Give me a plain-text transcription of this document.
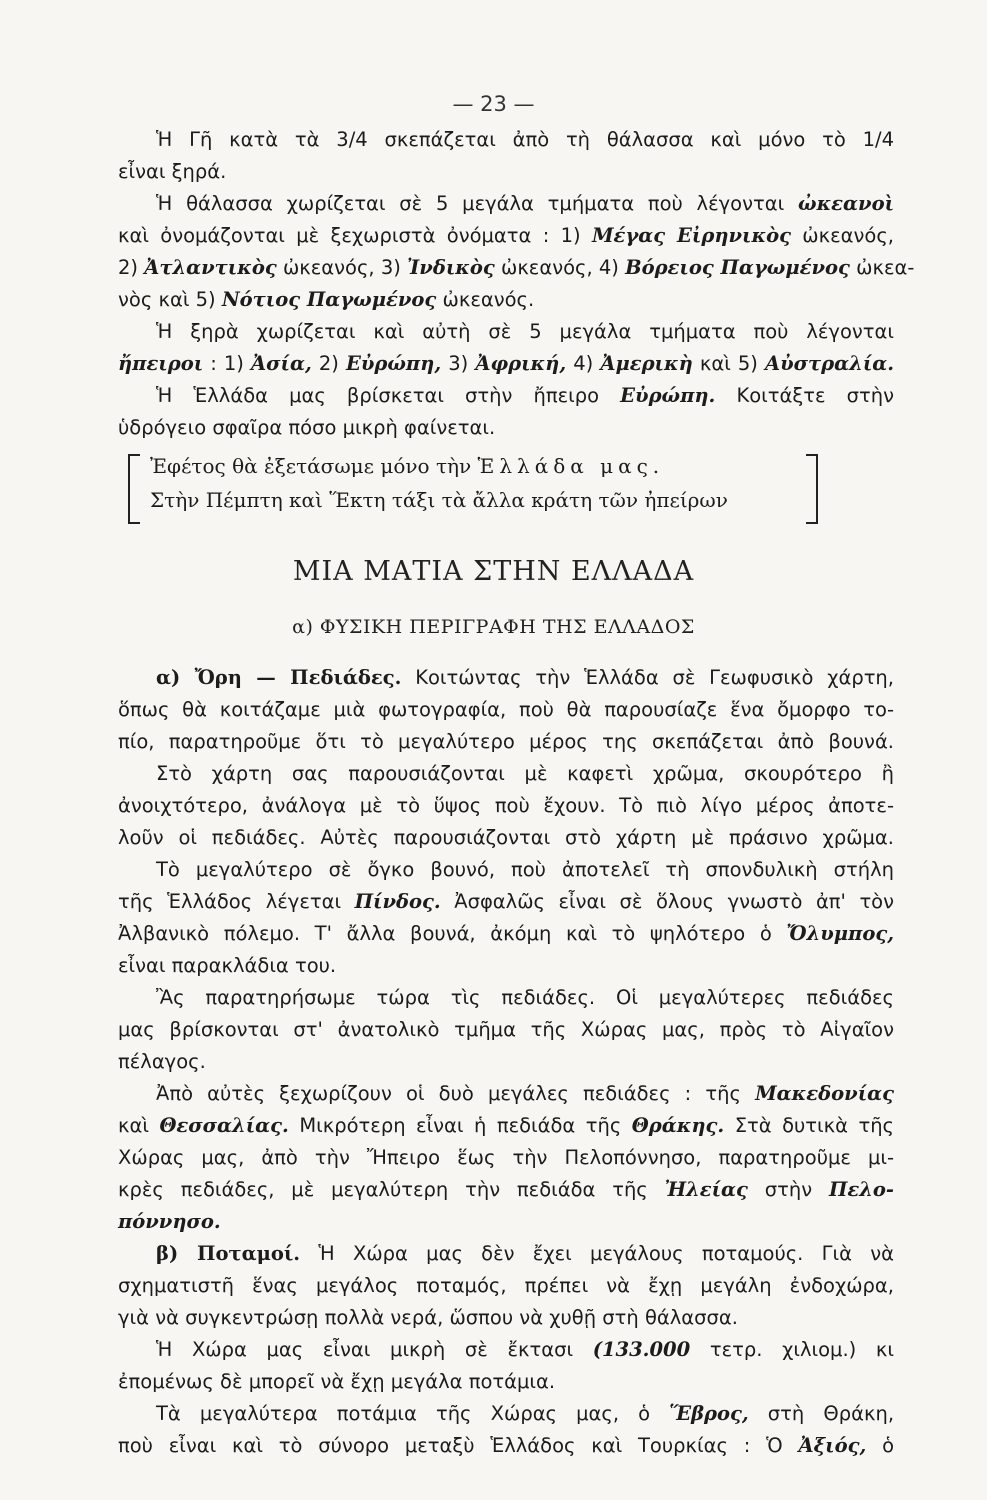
— 23 —
Ἡ Γῆ κατὰ τὰ 3/4 σκεπάζεται ἀπὸ τὴ θάλασσα καὶ μόνο τὸ 1/4
εἶναι ξηρά.
Ἡ θάλασσα χωρίζεται σὲ 5 μεγάλα τμήματα ποὺ λέγονται ὠκεανοὶ
καὶ ὀνομάζονται μὲ ξεχωριστὰ ὀνόματα : 1) Μέγας Εἰρηνικὸς ὠκεανός,
2) Ἀτλαντικὸς ὠκεανός, 3) Ἰνδικὸς ὠκεανός, 4) Βόρειος Παγωμένος ὠκεα-
νὸς καὶ 5) Νότιος Παγωμένος ὠκεανός.
Ἡ ξηρὰ χωρίζεται καὶ αὐτὴ σὲ 5 μεγάλα τμήματα ποὺ λέγονται
ἤπειροι : 1) Ἀσία, 2) Εὐρώπη, 3) Ἀφρική, 4) Ἀμερικὴ καὶ 5) Αὐστραλία.
Ἡ Ἑλλάδα μας βρίσκεται στὴν ἤπειρο Εὐρώπη. Κοιτάξτε στὴν
ὑδρόγειο σφαῖρα πόσο μικρὴ φαίνεται.
Ἐφέτος θὰ ἐξετάσωμε μόνο τὴν Ἑλλάδα μας.
Στὴν Πέμπτη καὶ Ἕκτη τάξι τὰ ἄλλα κράτη τῶν ἠπείρων
ΜΙΑ ΜΑΤΙΑ ΣΤΗΝ ΕΛΛΑΔΑ
α) ΦΥΣΙΚΗ ΠΕΡΙΓΡΑΦΗ ΤΗΣ ΕΛΛΑΔΟΣ
α) Ὄρη — Πεδιάδες. Κοιτώντας τὴν Ἑλλάδα σὲ Γεωφυσικὸ χάρτη,
ὅπως θὰ κοιτάζαμε μιὰ φωτογραφία, ποὺ θὰ παρουσίαζε ἕνα ὄμορφο το-
πίο, παρατηροῦμε ὅτι τὸ μεγαλύτερο μέρος της σκεπάζεται ἀπὸ βουνά.
Στὸ χάρτη σας παρουσιάζονται μὲ καφετὶ χρῶμα, σκουρότερο ἢ
ἀνοιχτότερο, ἀνάλογα μὲ τὸ ὕψος ποὺ ἔχουν. Τὸ πιὸ λίγο μέρος ἀποτε-
λοῦν οἱ πεδιάδες. Αὐτὲς παρουσιάζονται στὸ χάρτη μὲ πράσινο χρῶμα.
Τὸ μεγαλύτερο σὲ ὄγκο βουνό, ποὺ ἀποτελεῖ τὴ σπονδυλικὴ στήλη
τῆς Ἑλλάδος λέγεται Πίνδος. Ἀσφαλῶς εἶναι σὲ ὅλους γνωστὸ ἀπ' τὸν
Ἀλβανικὸ πόλεμο. Τ' ἄλλα βουνά, ἀκόμη καὶ τὸ ψηλότερο ὁ Ὄλυμπος,
εἶναι παρακλάδια του.
Ἂς παρατηρήσωμε τώρα τὶς πεδιάδες. Οἱ μεγαλύτερες πεδιάδες
μας βρίσκονται στ' ἀνατολικὸ τμῆμα τῆς Χώρας μας, πρὸς τὸ Αἰγαῖον
πέλαγος.
Ἀπὸ αὐτὲς ξεχωρίζουν οἱ δυὸ μεγάλες πεδιάδες : τῆς Μακεδονίας
καὶ Θεσσαλίας. Μικρότερη εἶναι ἡ πεδιάδα τῆς Θράκης. Στὰ δυτικὰ τῆς
Χώρας μας, ἀπὸ τὴν Ἤπειρο ἕως τὴν Πελοπόννησο, παρατηροῦμε μι-
κρὲς πεδιάδες, μὲ μεγαλύτερη τὴν πεδιάδα τῆς Ἠλείας στὴν Πελο-
πόννησο.
β) Ποταμοί. Ἡ Χώρα μας δὲν ἔχει μεγάλους ποταμούς. Γιὰ νὰ
σχηματιστῆ ἕνας μεγάλος ποταμός, πρέπει νὰ ἔχῃ μεγάλη ἐνδοχώρα,
γιὰ νὰ συγκεντρώσῃ πολλὰ νερά, ὥσπου νὰ χυθῇ στὴ θάλασσα.
Ἡ Χώρα μας εἶναι μικρὴ σὲ ἔκτασι (133.000 τετρ. χιλιομ.) κι
ἐπομένως δὲ μπορεῖ νὰ ἔχῃ μεγάλα ποτάμια.
Τὰ μεγαλύτερα ποτάμια τῆς Χώρας μας, ὁ Ἕβρος, στὴ Θράκη,
ποὺ εἶναι καὶ τὸ σύνορο μεταξὺ Ἑλλάδος καὶ Τουρκίας : Ὁ Ἀξιός, ὁ
